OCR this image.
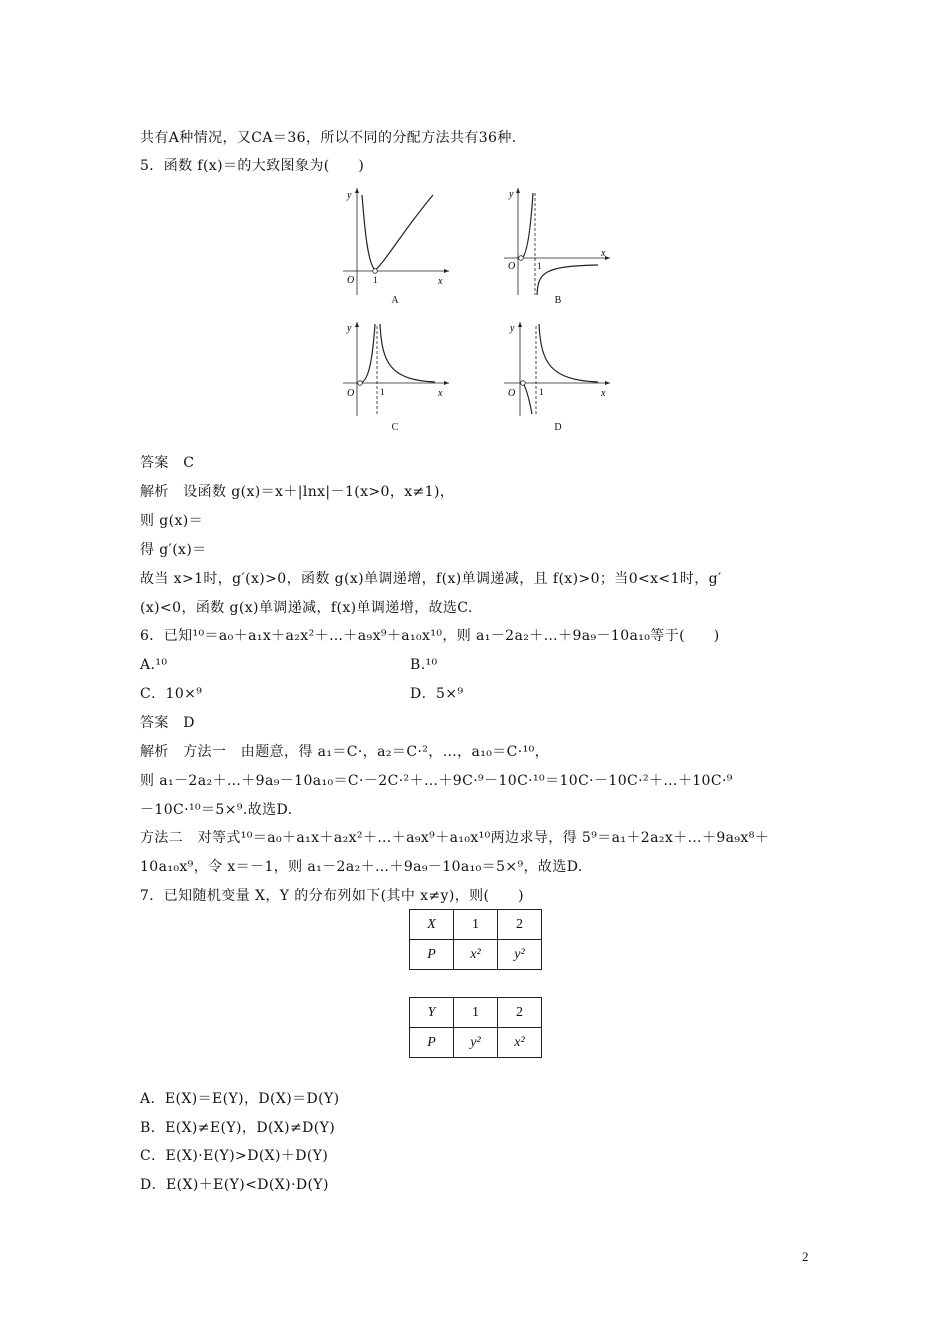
共有A种情况，又CA＝36，所以不同的分配方法共有36种.
5．函数 f(x)＝的大致图象为(　　)
y
x
O 1
A
y
x
O 1
B
y
x
O	1
C
y
x
O	1
D
答案　C
解析　设函数 g(x)＝x＋|lnx|－1(x>0，x≠1)，
则 g(x)＝
得 g′(x)＝
故当 x>1时，g′(x)>0，函数 g(x)单调递增，f(x)单调递减，且 f(x)>0；当0<x<1时，g′
(x)<0，函数 g(x)单调递减，f(x)单调递增，故选C.
6．已知¹⁰＝a₀＋a₁x＋a₂x²＋…＋a₉x⁹＋a₁₀x¹⁰，则 a₁－2a₂＋…＋9a₉－10a₁₀等于(　　)
A.¹⁰	B.¹⁰
C．10×⁹	D．5×⁹
答案　D
解析　方法一　由题意，得 a₁＝C·，a₂＝C·²，…，a₁₀＝C·¹⁰，
则 a₁－2a₂＋…＋9a₉－10a₁₀＝C·－2C·²＋…＋9C·⁹－10C·¹⁰＝10C·－10C·²＋…＋10C·⁹
－10C·¹⁰＝5×⁹.故选D.
方法二　对等式¹⁰＝a₀＋a₁x＋a₂x²＋…＋a₉x⁹＋a₁₀x¹⁰两边求导，得 5⁹＝a₁＋2a₂x＋…＋9a₉x⁸＋
10a₁₀x⁹，令 x＝－1，则 a₁－2a₂＋…＋9a₉－10a₁₀＝5×⁹，故选D.
7．已知随机变量 X，Y 的分布列如下(其中 x≠y)，则(　　)
X	1	2
P	x²	y²
Y	1	2
P	y²	x²
A．E(X)＝E(Y)，D(X)＝D(Y)
B．E(X)≠E(Y)，D(X)≠D(Y)
C．E(X)·E(Y)>D(X)＋D(Y)
D．E(X)＋E(Y)<D(X)·D(Y)
2
